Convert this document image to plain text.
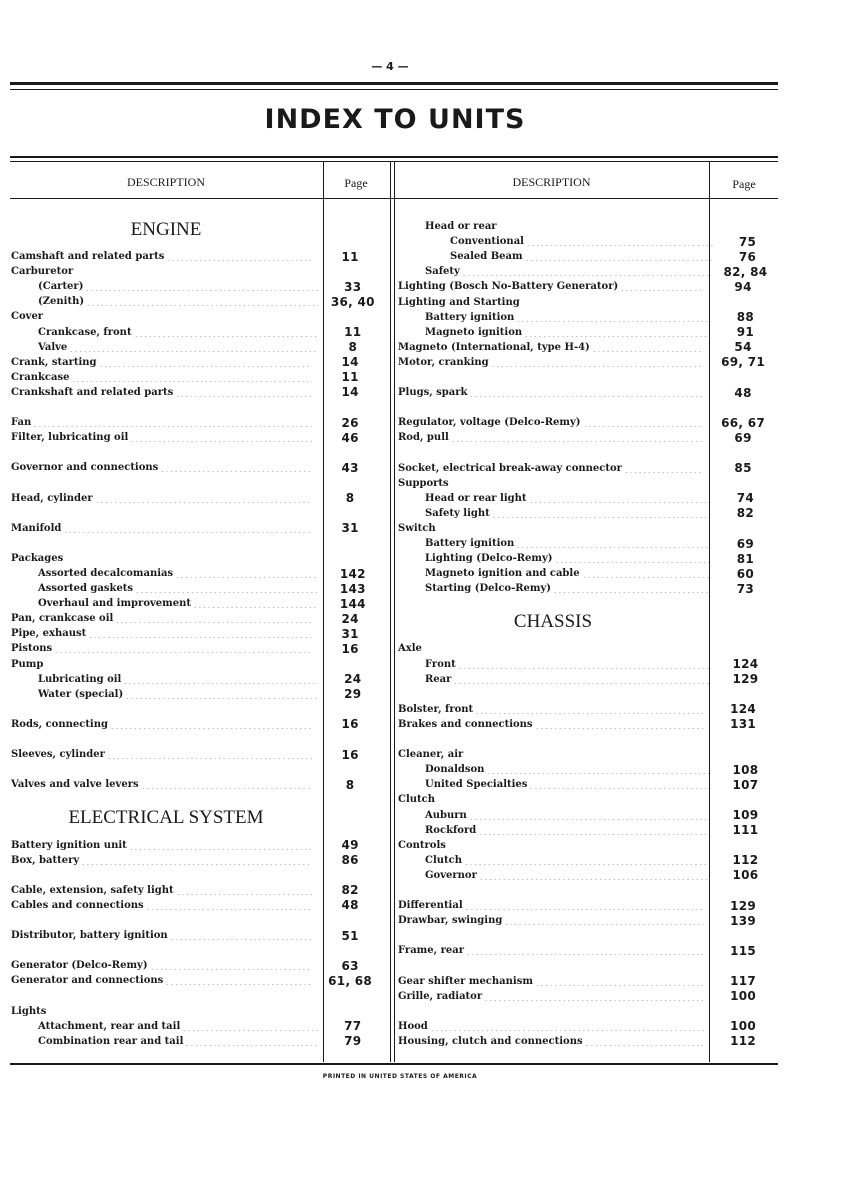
— 4 —
INDEX TO UNITS
DESCRIPTION	Page	DESCRIPTION	Page
ENGINE
Camshaft and related parts	11
Carburetor
(Carter)	33
(Zenith)	36, 40
Cover
Crankcase, front	11
Valve	8
Crank, starting	14
Crankcase	11
Crankshaft and related parts	14
Fan	26
Filter, lubricating oil	46
Governor and connections	43
Head, cylinder	8
Manifold	31
Packages
Assorted decalcomanias	142
Assorted gaskets	143
Overhaul and improvement	144
Pan, crankcase oil	24
Pipe, exhaust	31
Pistons	16
Pump
Lubricating oil	24
Water (special)	29
Rods, connecting	16
Sleeves, cylinder	16
Valves and valve levers	8
ELECTRICAL SYSTEM
Battery ignition unit	49
Box, battery	86
Cable, extension, safety light	82
Cables and connections	48
Distributor, battery ignition	51
Generator (Delco-Remy)	63
Generator and connections	61, 68
Lights
Attachment, rear and tail	77
Combination rear and tail	79
Head or rear
Conventional	75
Sealed Beam	76
Safety	82, 84
Lighting (Bosch No-Battery Generator)	94
Lighting and Starting
Battery ignition	88
Magneto ignition	91
Magneto (International, type H-4)	54
Motor, cranking	69, 71
Plugs, spark	48
Regulator, voltage (Delco-Remy)	66, 67
Rod, pull	69
Socket, electrical break-away connector	85
Supports
Head or rear light	74
Safety light	82
Switch
Battery ignition	69
Lighting (Delco-Remy)	81
Magneto ignition and cable	60
Starting (Delco-Remy)	73
CHASSIS
Axle
Front	124
Rear	129
Bolster, front	124
Brakes and connections	131
Cleaner, air
Donaldson	108
United Specialties	107
Clutch
Auburn	109
Rockford	111
Controls
Clutch	112
Governor	106
Differential	129
Drawbar, swinging	139
Frame, rear	115
Gear shifter mechanism	117
Grille, radiator	100
Hood	100
Housing, clutch and connections	112
PRINTED IN UNITED STATES OF AMERICA
